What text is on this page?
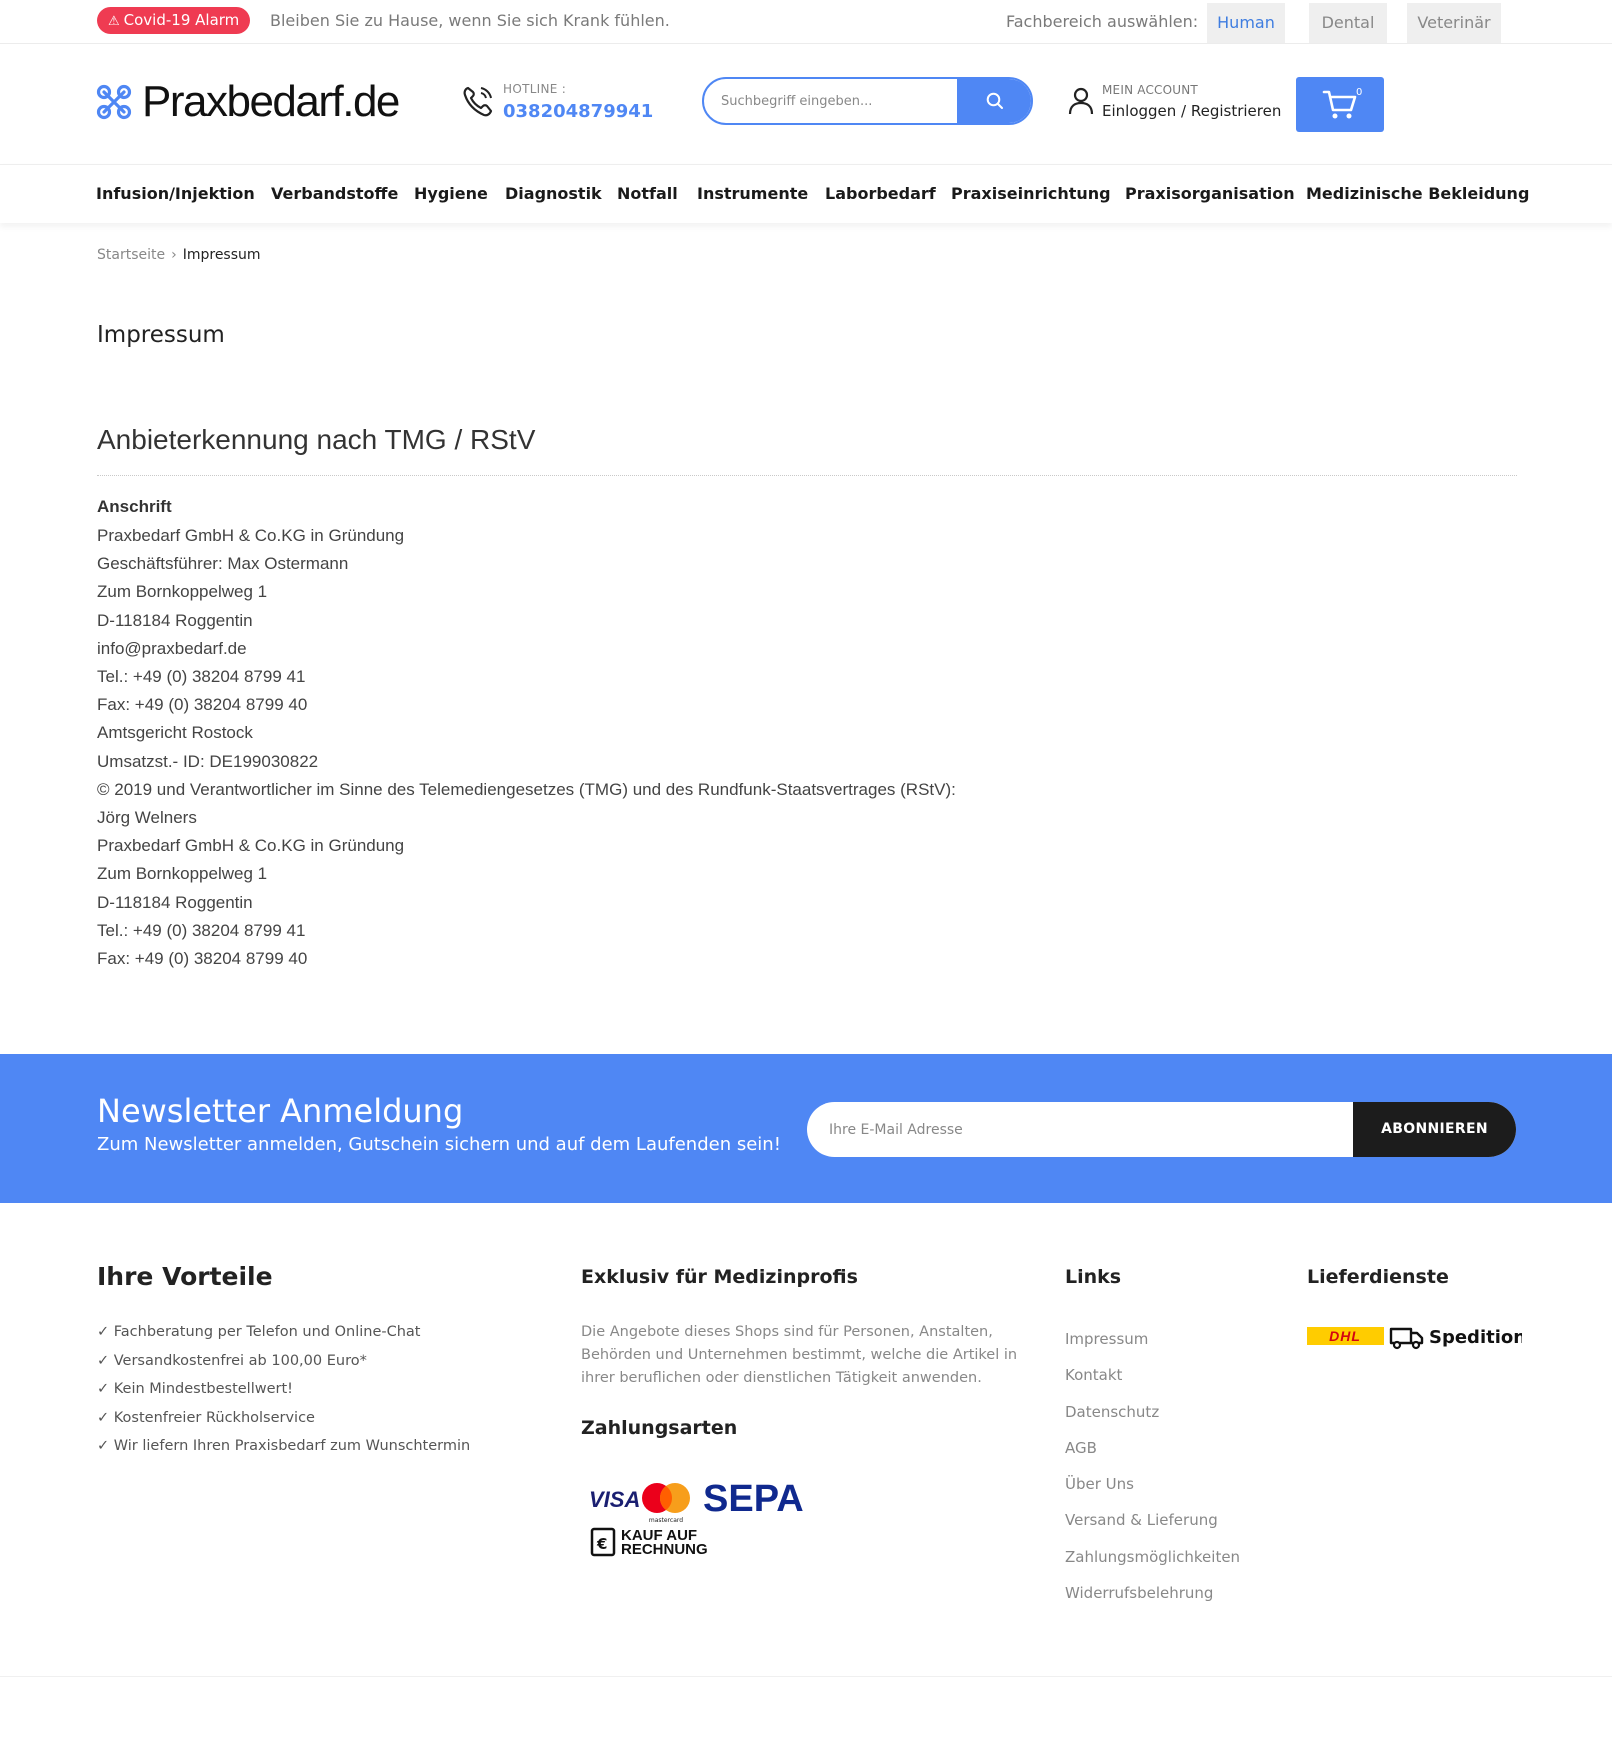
⚠ Covid-19 Alarm	Bleiben Sie zu Hause, wenn Sie sich Krank fühlen.	Fachbereich auswählen:	Human	Dental	Veterinär
Praxbedarf.de	HOTLINE :
038204879941
Suchbegriff eingeben...
MEIN ACCOUNT
Einloggen / Registrieren
0
Infusion/Injektion Verbandstoffe Hygiene Diagnostik Notfall Instrumente Laborbedarf Praxiseinrichtung Praxisorganisation Medizinische Bekleidung
Startseite › Impressum
Impressum
Anbieterkennung nach TMG / RStV
Anschrift
Praxbedarf GmbH & Co.KG in Gründung
Geschäftsführer: Max Ostermann
Zum Bornkoppelweg 1
D-118184 Roggentin
info@praxbedarf.de
Tel.: +49 (0) 38204 8799 41
Fax: +49 (0) 38204 8799 40
Amtsgericht Rostock
Umsatzst.- ID: DE199030822
© 2019 und Verantwortlicher im Sinne des Telemediengesetzes (TMG) und des Rundfunk-Staatsvertrages (RStV):
Jörg Welners
Praxbedarf GmbH & Co.KG in Gründung
Zum Bornkoppelweg 1
D-118184 Roggentin
Tel.: +49 (0) 38204 8799 41
Fax: +49 (0) 38204 8799 40
Newsletter Anmeldung
Zum Newsletter anmelden, Gutschein sichern und auf dem Laufenden sein!
Ihre E-Mail Adresse
ABONNIEREN
Ihre Vorteile
✓ Fachberatung per Telefon und Online-Chat
✓ Versandkostenfrei ab 100,00 Euro*
✓ Kein Mindestbestellwert!
✓ Kostenfreier Rückholservice
✓ Wir liefern Ihren Praxisbedarf zum Wunschtermin
Exklusiv für Medizinprofis
Die Angebote dieses Shops sind für Personen, Anstalten, Behörden und Unternehmen bestimmt, welche die Artikel in ihrer beruflichen oder dienstlichen Tätigkeit anwenden.
Zahlungsarten
VISA
mastercard
SEPA
€ KAUF AUF
RECHNUNG
Links
Impressum
Kontakt
Datenschutz
AGB
Über Uns
Versand & Lieferung
Zahlungsmöglichkeiten
Widerrufsbelehrung
Lieferdienste
DHL	Spedition
